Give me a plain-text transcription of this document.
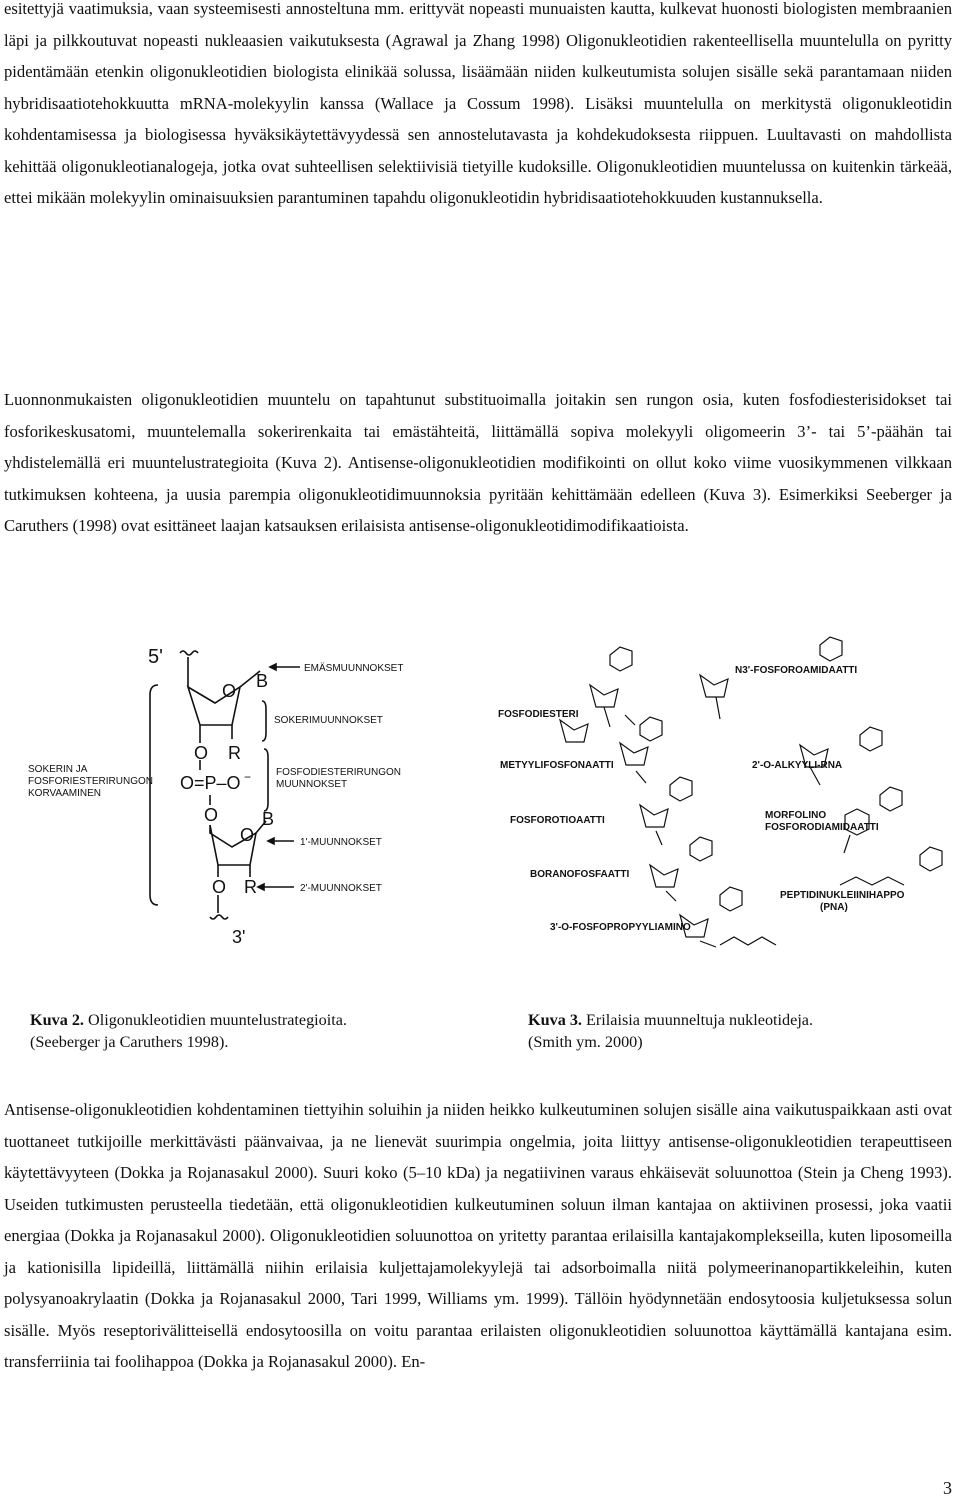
esitettyjä vaatimuksia, vaan systeemisesti annosteltuna mm. erittyvät nopeasti munuaisten kautta, kulkevat huonosti biologisten membraanien läpi ja pilkkoutuvat nopeasti nukleaasien vaikutuksesta (Agrawal ja Zhang 1998) Oligonukleotidien rakenteellisella muuntelulla on pyritty pidentämään etenkin oligonukleotidien biologista elinikää solussa, lisäämään niiden kulkeutumista solujen sisälle sekä parantamaan niiden hybridisaatiotehokkuutta mRNA-molekyylin kanssa (Wallace ja Cossum 1998). Lisäksi muuntelulla on merkitystä oligonukleotidin kohdentamisessa ja biologisessa hyväksikäytettävyydessä sen annostelutavasta ja kohdekudoksesta riippuen. Luultavasti on mahdollista kehittää oligonukleotianalogeja, jotka ovat suhteellisen selektiivisiä tietyille kudoksille. Oligonukleotidien muuntelussa on kuitenkin tärkeää, ettei mikään molekyylin ominaisuuksien parantuminen tapahdu oligonukleotidin hybridisaatiotehokkuuden kustannuksella.

Luonnonmukaisten oligonukleotidien muuntelu on tapahtunut substituoimalla joitakin sen rungon osia, kuten fosfodiesterisidokset tai fosforikeskusatomi, muuntelemalla sokerirenkaita tai emästähteitä, liittämällä sopiva molekyyli oligomeerin 3’- tai 5’-päähän tai yhdistelemällä eri muuntelustrategioita (Kuva 2). Antisense-oligonukleotidien modifikointi on ollut koko viime vuosikymmenen vilkkaan tutkimuksen kohteena, ja uusia parempia oligonukleotidimuunnoksia pyritään kehittämään edelleen (Kuva 3). Esimerkiksi Seeberger ja Caruthers (1998) ovat esittäneet laajan katsauksen erilaisista antisense-oligonukleotidimodifikaatioista.

5'
O B
O R
O=P–O −
O
O
B
O R
3'
EMÄSMUUNNOKSET
SOKERIMUUNNOKSET
FOSFODIESTERIRUNGON
MUUNNOKSET
SOKERIN JA
FOSFORIESTERIRUNGON
KORVAAMINEN
1'-MUUNNOKSET
2'-MUUNNOKSET
N3'-FOSFOROAMIDAATTI
FOSFODIESTERI
METYYLIFOSFONAATTI	2'-O-ALKYYLI-RNA
FOSFOROTIOAATTI	MORFOLINO
FOSFORODIAMIDAATTI
BORANOFOSFAATTI
PEPTIDINUKLEIINIHAPPO
(PNA)
3'-O-FOSFOPROPYYLIAMINO
Kuva 2. Oligonukleotidien muuntelustrategioita.
(Seeberger ja Caruthers 1998).
Kuva 3. Erilaisia muunneltuja nukleotideja.
(Smith ym. 2000)

Antisense-oligonukleotidien kohdentaminen tiettyihin soluihin ja niiden heikko kulkeutuminen solujen sisälle aina vaikutuspaikkaan asti ovat tuottaneet tutkijoille merkittävästi päänvaivaa, ja ne lienevät suurimpia ongelmia, joita liittyy antisense-oligonukleotidien terapeuttiseen käytettävyyteen (Dokka ja Rojanasakul 2000). Suuri koko (5–10 kDa) ja negatiivinen varaus ehkäisevät soluunottoa (Stein ja Cheng 1993). Useiden tutkimusten perusteella tiedetään, että oligonukleotidien kulkeutuminen soluun ilman kantajaa on aktiivinen prosessi, joka vaatii energiaa (Dokka ja Rojanasakul 2000). Oligonukleotidien soluunottoa on yritetty parantaa erilaisilla kantajakomplekseilla, kuten liposomeilla ja kationisilla lipideillä, liittämällä niihin erilaisia kuljettajamolekyylejä tai adsorboimalla niitä polymeerinanopartikkeleihin, kuten polysyanoakrylaatin (Dokka ja Rojanasakul 2000, Tari 1999, Williams ym. 1999). Tällöin hyödynnetään endosytoosia kuljetuksessa solun sisälle. Myös reseptorivälitteisellä endosytoosilla on voitu parantaa erilaisten oligonukleotidien soluunottoa käyttämällä kantajana esim. transferriinia tai foolihappoa (Dokka ja Rojanasakul 2000). En-

3
